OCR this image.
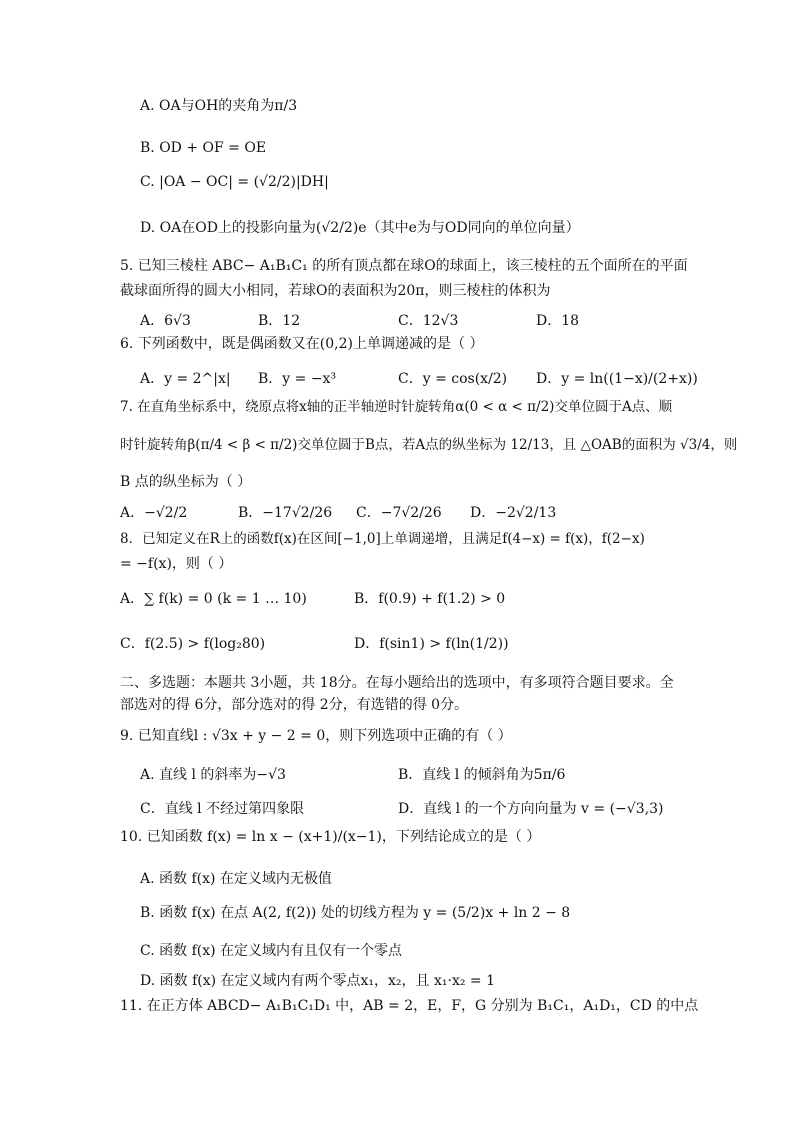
A. OA与OH的夹角为π/3
B. OD + OF = OE
C. |OA − OC| = (√2/2)|DH|
D. OA在OD上的投影向量为(√2/2)e（其中e为与OD同向的单位向量）
5. 已知三棱柱 ABC− A₁B₁C₁ 的所有顶点都在球O的球面上，该三棱柱的五个面所在的平面
截球面所得的圆大小相同，若球O的表面积为20π，则三棱柱的体积为
A．6√3	B．12	C．12√3	D．18
6. 下列函数中，既是偶函数又在(0,2)上单调递减的是（ ）
A．y = 2^|x| B．y = −x³	C．y = cos(x/2) D．y = ln((1−x)/(2+x))
7. 在直角坐标系中，绕原点将x轴的正半轴逆时针旋转角α(0 < α < π/2)交单位圆于A点、顺
时针旋转角β(π/4 < β < π/2)交单位圆于B点，若A点的纵坐标为 12/13，且 △OAB的面积为 √3/4，则
B 点的纵坐标为（ ）
A．−√2/2	B．−17√2/26 C．−7√2/26 D．−2√2/13
8．已知定义在R上的函数f(x)在区间[−1,0]上单调递增，且满足f(4−x) = f(x)，f(2−x)
= −f(x)，则（ ）
A．∑ f(k) = 0 (k = 1 … 10)	B．f(0.9) + f(1.2) > 0
C．f(2.5) > f(log₂80)	D．f(sin1) > f(ln(1/2))
二、多选题：本题共 3小题，共 18分。在每小题给出的选项中，有多项符合题目要求。全
部选对的得 6分，部分选对的得 2分，有选错的得 0分。
9. 已知直线l : √3x + y − 2 = 0，则下列选项中正确的有（ ）
A. 直线 l 的斜率为−√3	B．直线 l 的倾斜角为5π/6
C．直线 l 不经过第四象限	D．直线 l 的一个方向向量为 v = (−√3,3)
10. 已知函数 f(x) = ln x − (x+1)/(x−1)，下列结论成立的是（ ）
A. 函数 f(x) 在定义域内无极值
B. 函数 f(x) 在点 A(2, f(2)) 处的切线方程为 y = (5/2)x + ln 2 − 8
C. 函数 f(x) 在定义域内有且仅有一个零点
D. 函数 f(x) 在定义域内有两个零点x₁，x₂，且 x₁·x₂ = 1
11. 在正方体 ABCD− A₁B₁C₁D₁ 中，AB = 2，E，F，G 分别为 B₁C₁，A₁D₁，CD 的中点
